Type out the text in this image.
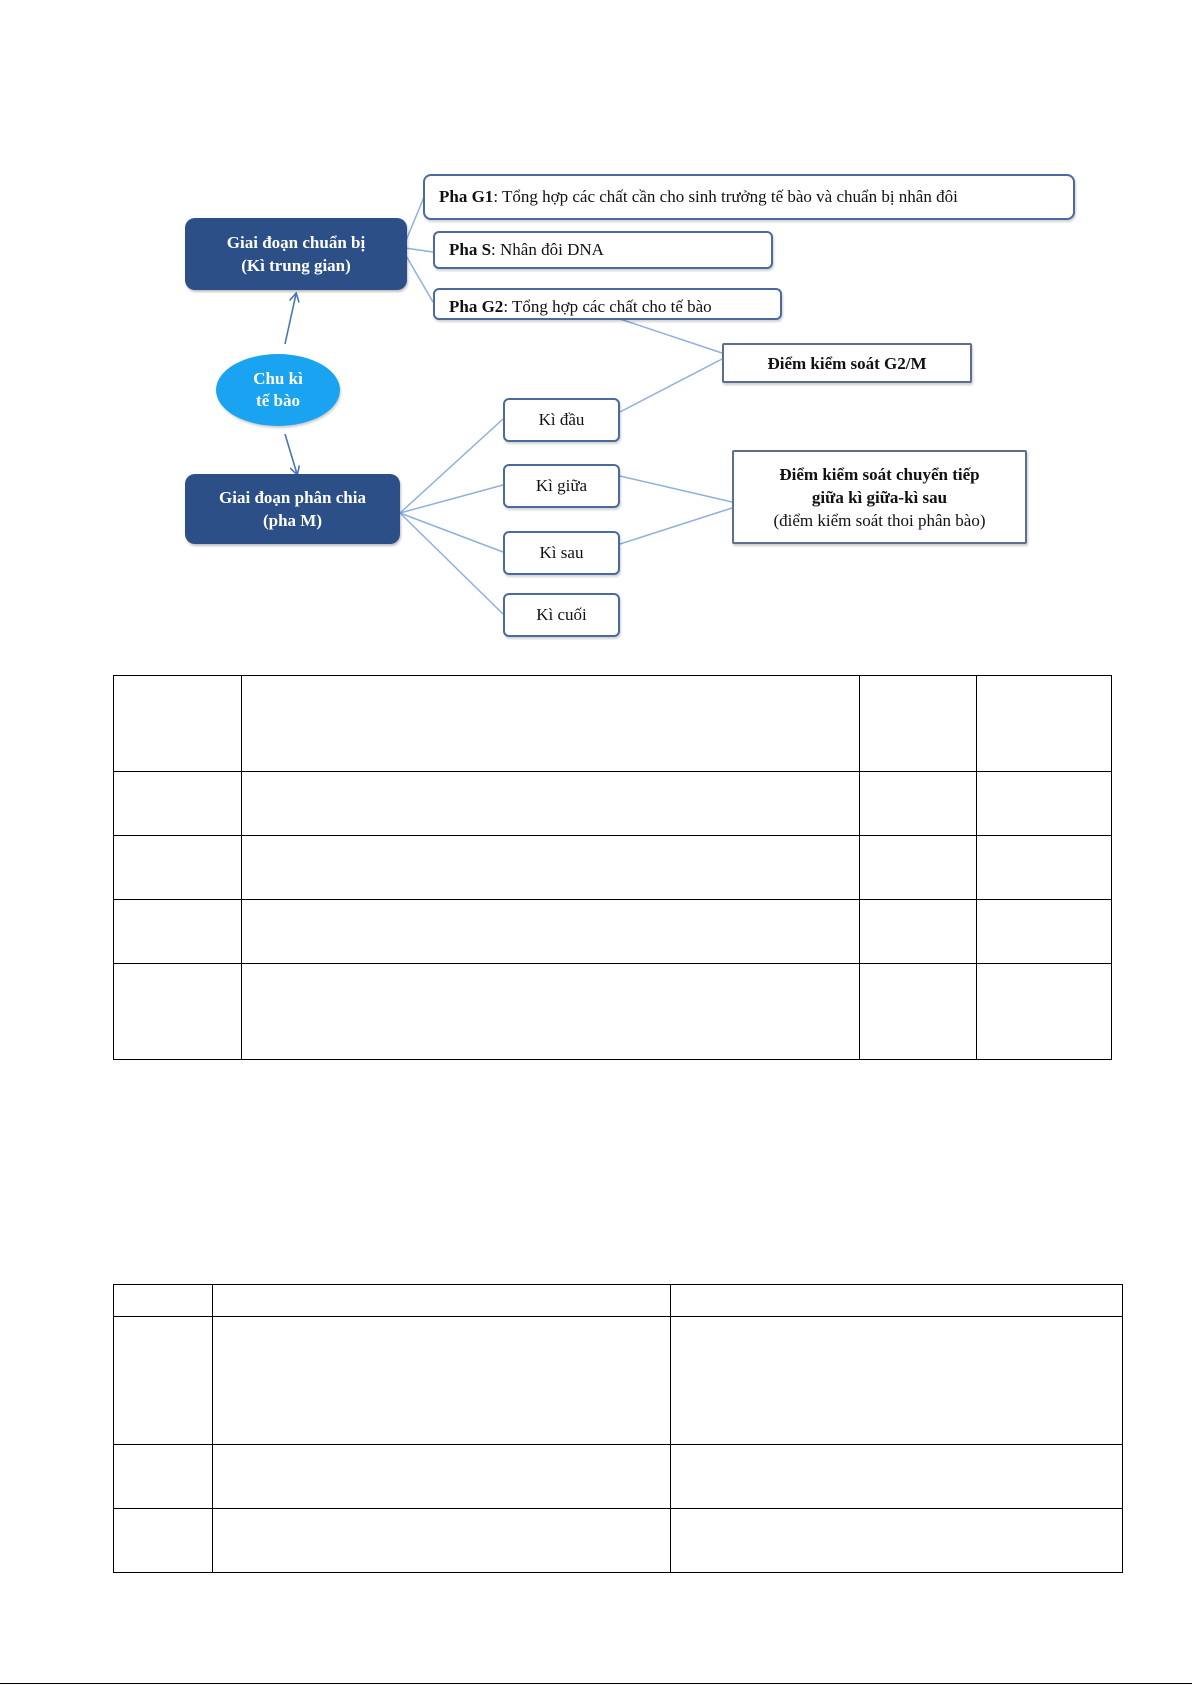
Chu kì
tế bào
Giai đoạn chuẩn bị
(Kì trung gian)
Giai đoạn phân chia
(pha M)
Pha G1 : Tổng hợp các chất cần cho sinh trưởng tế bào và chuẩn bị nhân đôi
Pha S : Nhân đôi DNA
Pha G2 : Tổng hợp các chất cho tế bào
Điểm kiểm soát G2/M
Điểm kiểm soát chuyển tiếp
giữa kì giữa-kì sau
(điểm kiểm soát thoi phân bào)
Kì đầu
Kì giữa
Kì sau
Kì cuối
